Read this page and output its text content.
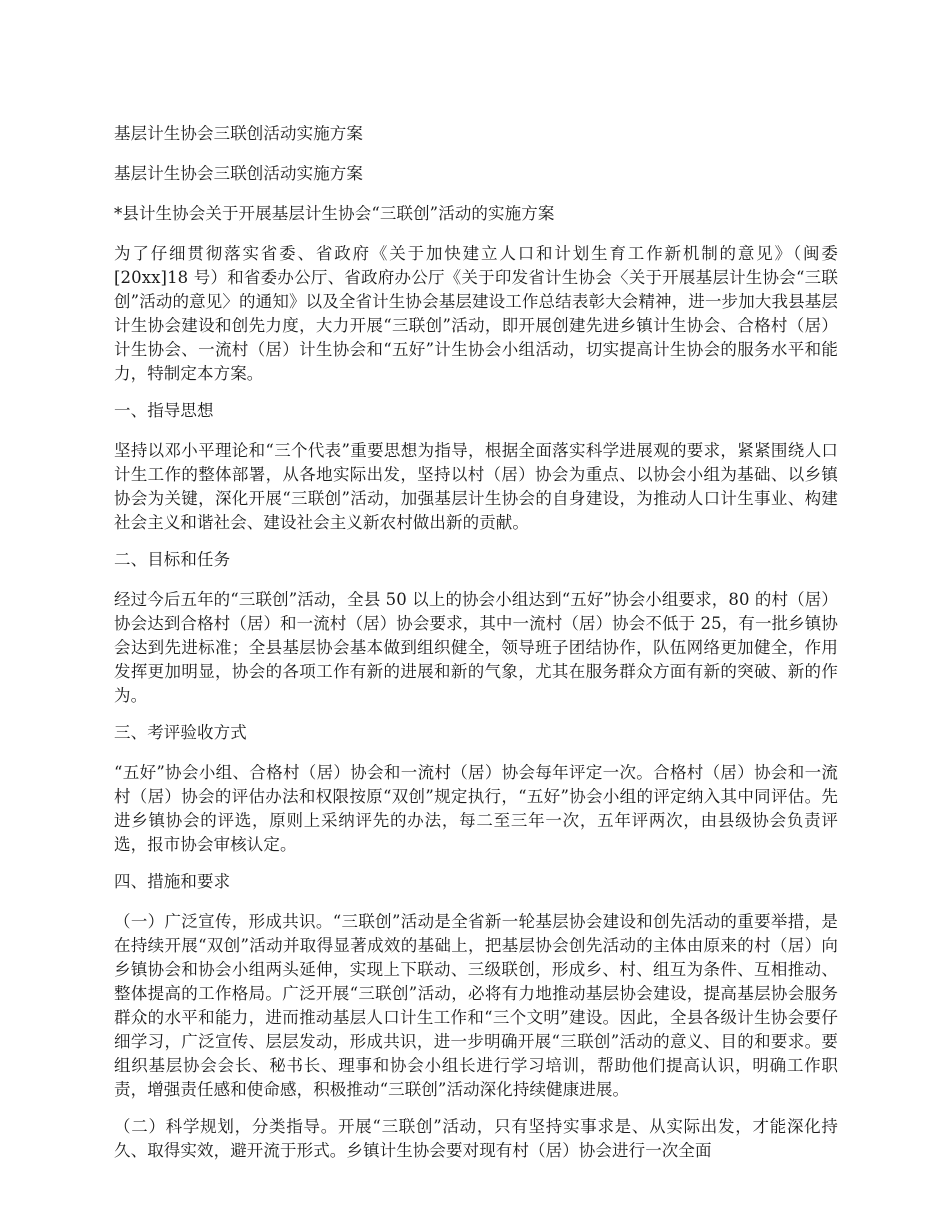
基层计生协会三联创活动实施方案

基层计生协会三联创活动实施方案

*县计生协会关于开展基层计生协会“三联创”活动的实施方案

为了仔细贯彻落实省委、省政府《关于加快建立人口和计划生育工作新机制的意见》（闽委[20xx]18 号）和省委办公厅、省政府办公厅《关于印发省计生协会〈关于开展基层计生协会“三联创”活动的意见〉的通知》以及全省计生协会基层建设工作总结表彰大会精神，进一步加大我县基层计生协会建设和创先力度，大力开展“三联创”活动，即开展创建先进乡镇计生协会、合格村（居）计生协会、一流村（居）计生协会和“五好”计生协会小组活动，切实提高计生协会的服务水平和能力，特制定本方案。

一、指导思想

坚持以邓小平理论和“三个代表”重要思想为指导，根据全面落实科学进展观的要求，紧紧围绕人口计生工作的整体部署，从各地实际出发，坚持以村（居）协会为重点、以协会小组为基础、以乡镇协会为关键，深化开展“三联创”活动，加强基层计生协会的自身建设，为推动人口计生事业、构建社会主义和谐社会、建设社会主义新农村做出新的贡献。

二、目标和任务

经过今后五年的“三联创”活动，全县 50 以上的协会小组达到“五好”协会小组要求，80 的村（居）协会达到合格村（居）和一流村（居）协会要求，其中一流村（居）协会不低于 25，有一批乡镇协会达到先进标准；全县基层协会基本做到组织健全，领导班子团结协作，队伍网络更加健全，作用发挥更加明显，协会的各项工作有新的进展和新的气象，尤其在服务群众方面有新的突破、新的作为。

三、考评验收方式

“五好”协会小组、合格村（居）协会和一流村（居）协会每年评定一次。合格村（居）协会和一流村（居）协会的评估办法和权限按原“双创”规定执行，“五好”协会小组的评定纳入其中同评估。先进乡镇协会的评选，原则上采纳评先的办法，每二至三年一次，五年评两次，由县级协会负责评选，报市协会审核认定。

四、措施和要求

（一）广泛宣传，形成共识。“三联创”活动是全省新一轮基层协会建设和创先活动的重要举措，是在持续开展“双创”活动并取得显著成效的基础上，把基层协会创先活动的主体由原来的村（居）向乡镇协会和协会小组两头延伸，实现上下联动、三级联创，形成乡、村、组互为条件、互相推动、整体提高的工作格局。广泛开展“三联创”活动，必将有力地推动基层协会建设，提高基层协会服务群众的水平和能力，进而推动基层人口计生工作和“三个文明”建设。因此，全县各级计生协会要仔细学习，广泛宣传、层层发动，形成共识，进一步明确开展“三联创”活动的意义、目的和要求。要组织基层协会会长、秘书长、理事和协会小组长进行学习培训，帮助他们提高认识，明确工作职责，增强责任感和使命感，积极推动“三联创”活动深化持续健康进展。

（二）科学规划，分类指导。开展“三联创”活动，只有坚持实事求是、从实际出发，才能深化持久、取得实效，避开流于形式。乡镇计生协会要对现有村（居）协会进行一次全面
